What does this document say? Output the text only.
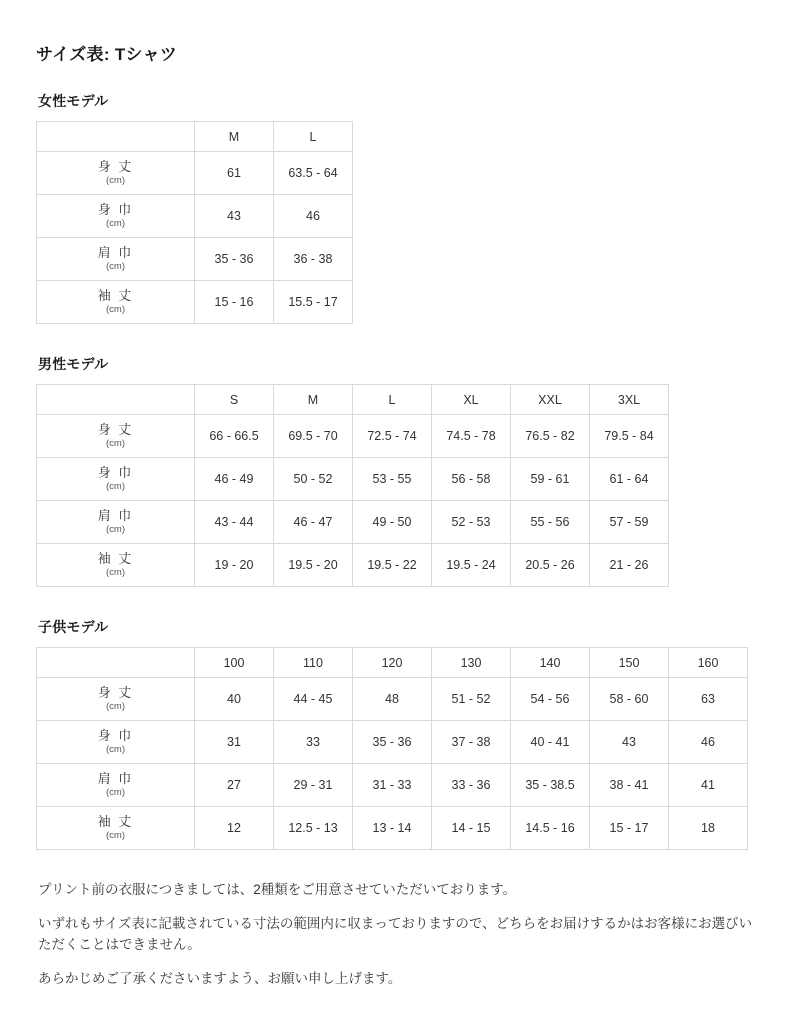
サイズ表: Tシャツ
女性モデル
	M	L

身 丈
(cm)	61	63.5 - 64

身 巾
(cm)	43	46

肩 巾
(cm)	35 - 36	36 - 38

袖 丈
(cm)	15 - 16	15.5 - 17
男性モデル
	S	M	L	XL	XXL	3XL

身 丈
(cm)	66 - 66.5	69.5 - 70	72.5 - 74	74.5 - 78	76.5 - 82	79.5 - 84

身 巾
(cm)	46 - 49	50 - 52	53 - 55	56 - 58	59 - 61	61 - 64

肩 巾
(cm)	43 - 44	46 - 47	49 - 50	52 - 53	55 - 56	57 - 59

袖 丈
(cm)	19 - 20	19.5 - 20	19.5 - 22	19.5 - 24	20.5 - 26	21 - 26
子供モデル
	100	110	120	130	140	150	160

身 丈
(cm)	40	44 - 45	48	51 - 52	54 - 56	58 - 60	63

身 巾
(cm)	31	33	35 - 36	37 - 38	40 - 41	43	46

肩 巾
(cm)	27	29 - 31	31 - 33	33 - 36	35 - 38.5	38 - 41	41

袖 丈
(cm)	12	12.5 - 13	13 - 14	14 - 15	14.5 - 16	15 - 17	18

プリント前の衣服につきましては、2種類をご用意させていただいております。

いずれもサイズ表に記載されている寸法の範囲内に収まっておりますので、どちらをお届けするかはお客様にお選びいただくことはできません。

あらかじめご了承くださいますよう、お願い申し上げます。
